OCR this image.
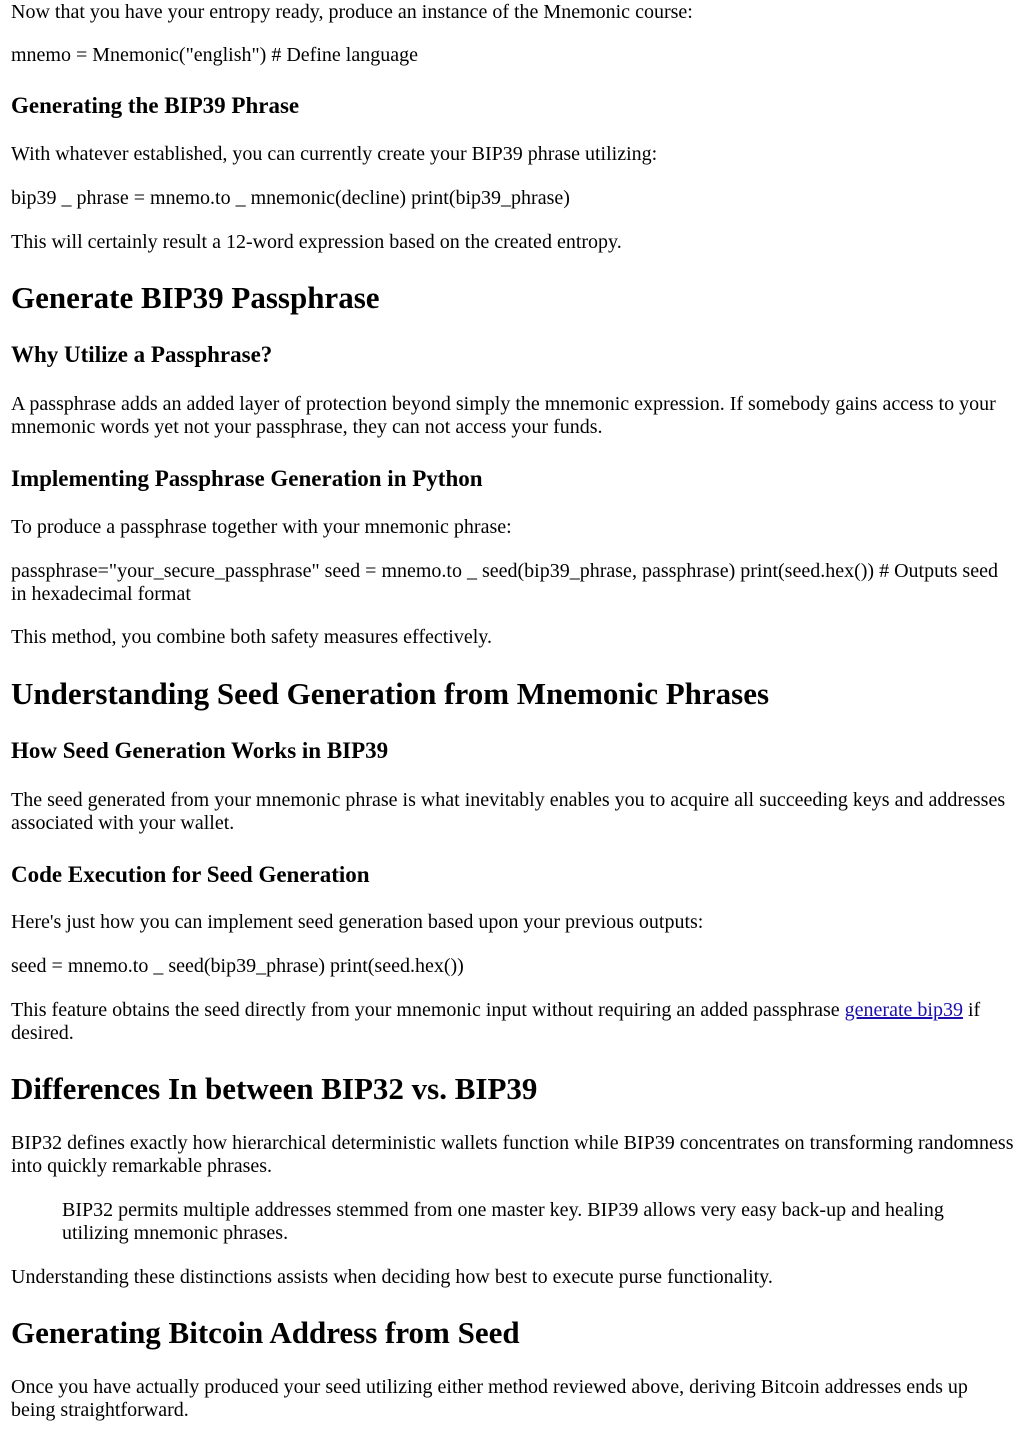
Now that you have your entropy ready, produce an instance of the Mnemonic course:

mnemo = Mnemonic("english") # Define language

Generating the BIP39 Phrase

With whatever established, you can currently create your BIP39 phrase utilizing:

bip39 _ phrase = mnemo.to _ mnemonic(decline) print(bip39_phrase)

This will certainly result a 12-word expression based on the created entropy.

Generate BIP39 Passphrase
Why Utilize a Passphrase?

A passphrase adds an added layer of protection beyond simply the mnemonic expression. If somebody gains access to your mnemonic words yet not your passphrase, they can not access your funds.

Implementing Passphrase Generation in Python

To produce a passphrase together with your mnemonic phrase:

passphrase="your_secure_passphrase" seed = mnemo.to _ seed(bip39_phrase, passphrase) print(seed.hex()) # Outputs seed in hexadecimal format

This method, you combine both safety measures effectively.

Understanding Seed Generation from Mnemonic Phrases
How Seed Generation Works in BIP39

The seed generated from your mnemonic phrase is what inevitably enables you to acquire all succeeding keys and addresses associated with your wallet.

Code Execution for Seed Generation

Here's just how you can implement seed generation based upon your previous outputs:

seed = mnemo.to _ seed(bip39_phrase) print(seed.hex())

This feature obtains the seed directly from your mnemonic input without requiring an added passphrase generate bip39 if desired.

Differences In between BIP32 vs. BIP39

BIP32 defines exactly how hierarchical deterministic wallets function while BIP39 concentrates on transforming randomness into quickly remarkable phrases.

BIP32 permits multiple addresses stemmed from one master key. BIP39 allows very easy back-up and healing utilizing mnemonic phrases.

Understanding these distinctions assists when deciding how best to execute purse functionality.

Generating Bitcoin Address from Seed

Once you have actually produced your seed utilizing either method reviewed above, deriving Bitcoin addresses ends up being straightforward.
